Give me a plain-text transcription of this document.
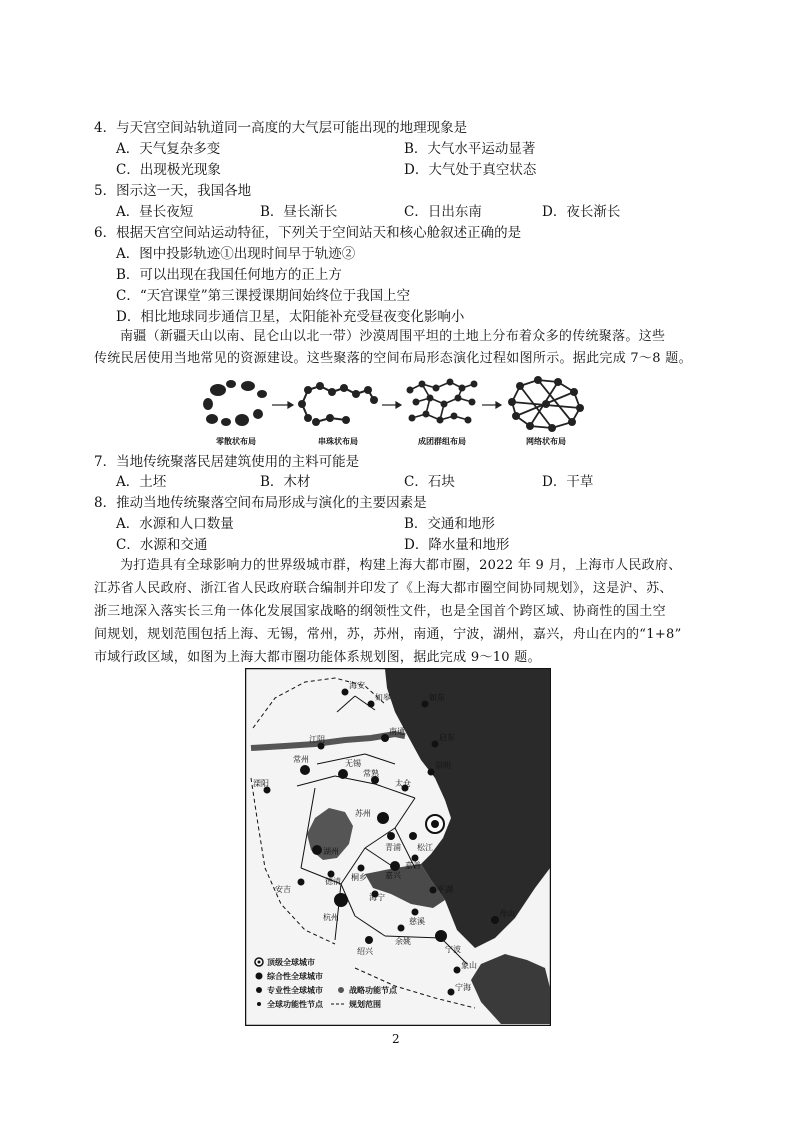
4．与天宫空间站轨道同一高度的大气层可能出现的地理现象是
A．天气复杂多变	B．大气水平运动显著
C．出现极光现象	D．大气处于真空状态
5．图示这一天，我国各地
A．昼长夜短	B．昼长渐长	C．日出东南	D．夜长渐长
6．根据天宫空间站运动特征，下列关于空间站天和核心舱叙述正确的是
A．图中投影轨迹①出现时间早于轨迹②
B．可以出现在我国任何地方的正上方
C．“天宫课堂”第三课授课期间始终位于我国上空
D．相比地球同步通信卫星，太阳能补充受昼夜变化影响小
南疆（新疆天山以南、昆仑山以北一带）沙漠周围平坦的土地上分布着众多的传统聚落。这些
传统民居使用当地常见的资源建设。这些聚落的空间布局形态演化过程如图所示。据此完成 7～8 题。
零散状布局	串珠状布局	成团群组布局	网络状布局
7．当地传统聚落民居建筑使用的主料可能是
A．土坯	B．木材	C．石块	D．干草
8．推动当地传统聚落空间布局形成与演化的主要因素是
A．水源和人口数量	B．交通和地形
C．水源和交通	D．降水量和地形
为打造具有全球影响力的世界级城市群，构建上海大都市圈，2022 年 9 月，上海市人民政府、
江苏省人民政府、浙江省人民政府联合编制并印发了《上海大都市圈空间协同规划》，这是沪、苏、
浙三地深入落实长三角一体化发展国家战略的纲领性文件，也是全国首个跨区域、协商性的国土空
间规划，规划范围包括上海、无锡，常州，苏，苏州，南通，宁波，湖州，嘉兴，舟山在内的“1+8”
市域行政区域，如图为上海大都市圈功能体系规划图，据此完成 9～10 题。
海安
如皋	如东
江阴
南通
启东
溧阳
常州	无锡
常熟
崇明
太仓
苏州
青浦 松江
嘉兴
嘉善
湖州
德清 桐乡
安吉
杭州
海宁
平湖
慈溪
余姚
宁波
绍兴
舟山
象山
宁海
顶级全球城市
综合性全球城市
专业性全球城市	战略功能节点
全球功能性节点	规划范围
2
